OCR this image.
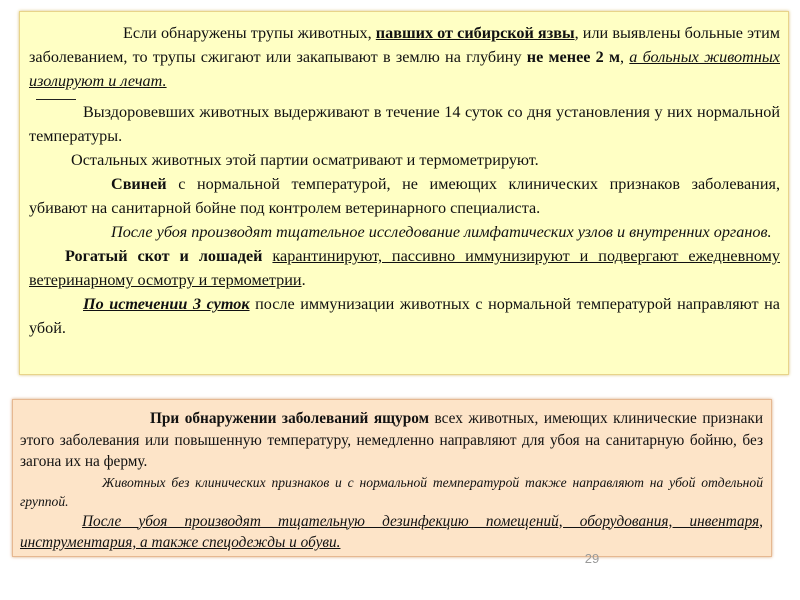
Если обнаружены трупы животных, павших от сибирской язвы, или выявлены больные этим заболеванием, то трупы сжигают или закапывают в землю на глубину не менее 2 м, а больных животных изолируют и лечат.

Выздоровевших животных выдерживают в течение 14 суток со дня установления у них нормальной температуры.

Остальных животных этой партии осматривают и термометрируют.

Свиней с нормальной температурой, не имеющих клинических признаков заболевания, убивают на санитарной бойне под контролем ветеринарного специалиста.

После убоя производят тщательное исследование лимфатических узлов и внутренних органов.

Рогатый скот и лошадей карантинируют, пассивно иммунизируют и подвергают ежедневному ветеринарному осмотру и термометрии.

По истечении 3 суток после иммунизации животных с нормальной температурой направляют на убой.

При обнаружении заболеваний ящуром всех животных, имеющих клинические признаки этого заболевания или повышенную температуру, немедленно направляют для убоя на санитарную бойню, без загона их на ферму.

Животных без клинических признаков и с нормальной температурой также направляют на убой отдельной группой.

После убоя производят тщательную дезинфекцию помещений, оборудования, инвентаря, инструментария, а также спецодежды и обуви.

29
